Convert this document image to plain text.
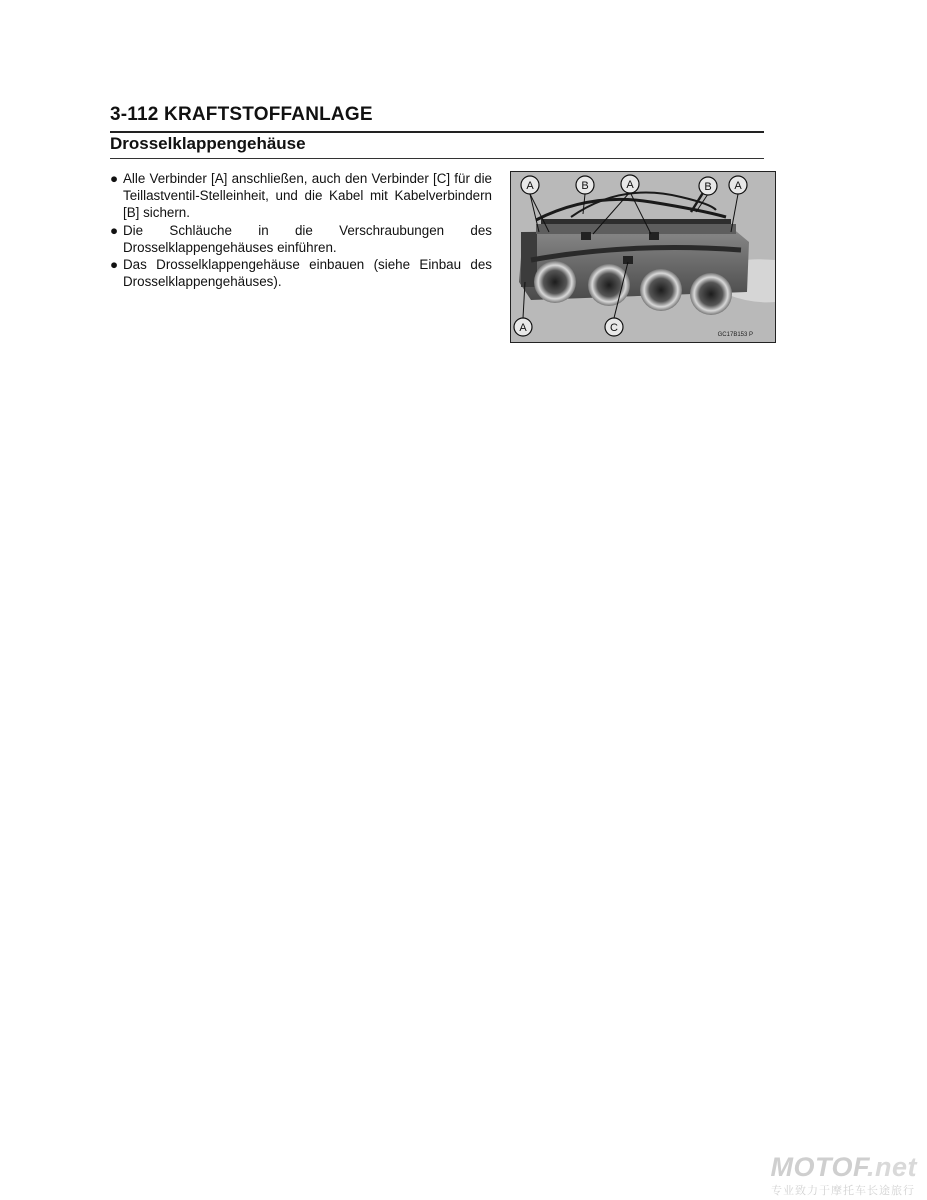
3-112 KRAFTSTOFFANLAGE
Drosselklappengehäuse
● Alle Verbinder [A] anschließen, auch den Verbinder [C] für die Teillastventil-Stelleinheit, und die Kabel mit Kabelverbindern [B] sichern.
● Die Schläuche in die Verschraubungen des Drosselklappengehäuses einführen.
● Das Drosselklappengehäuse einbauen (siehe Einbau des Drosselklappengehäuses).
A	B	A	B A
A	C
GC17B153 P
MOTOF.net
专业致力于摩托车长途旅行
